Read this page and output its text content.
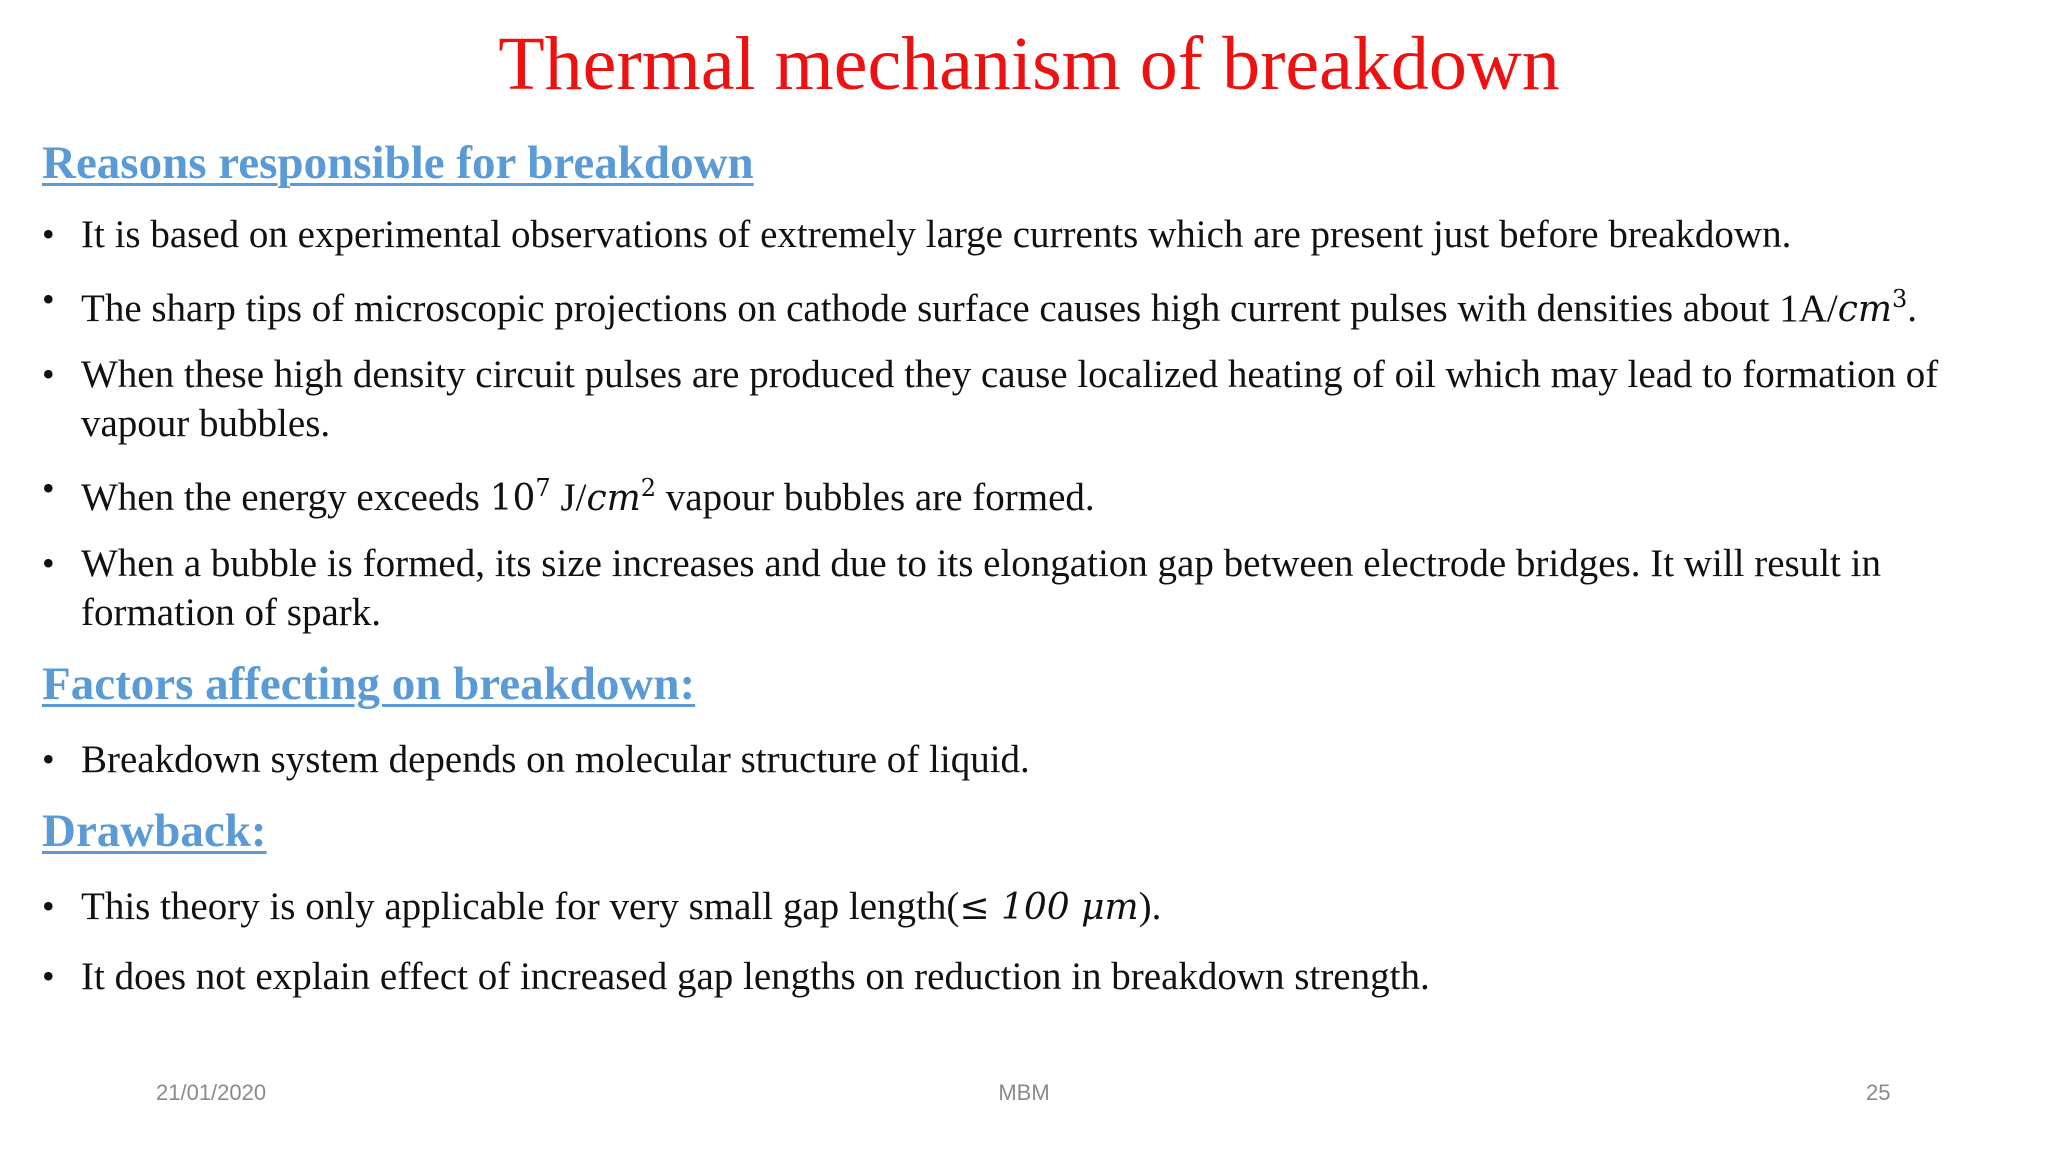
Thermal mechanism of breakdown

Reasons responsible for breakdown

• It is based on experimental observations of extremely large currents which are present just before breakdown.
• The sharp tips of microscopic projections on cathode surface causes high current pulses with densities about $1A/cm^3$.
• When these high density circuit pulses are produced they cause localized heating of oil which may lead to formation of vapour bubbles.
• When the energy exceeds $10^7$ $J/cm^2$ vapour bubbles are formed.
• When a bubble is formed, its size increases and due to its elongation gap between electrode bridges. It will result in formation of spark.

Factors affecting on breakdown:

• Breakdown system depends on molecular structure of liquid.

Drawback:

• This theory is only applicable for very small gap length(≤ 100 μm).
• It does not explain effect of increased gap lengths on reduction in breakdown strength.
21/01/2020	MBM	25
